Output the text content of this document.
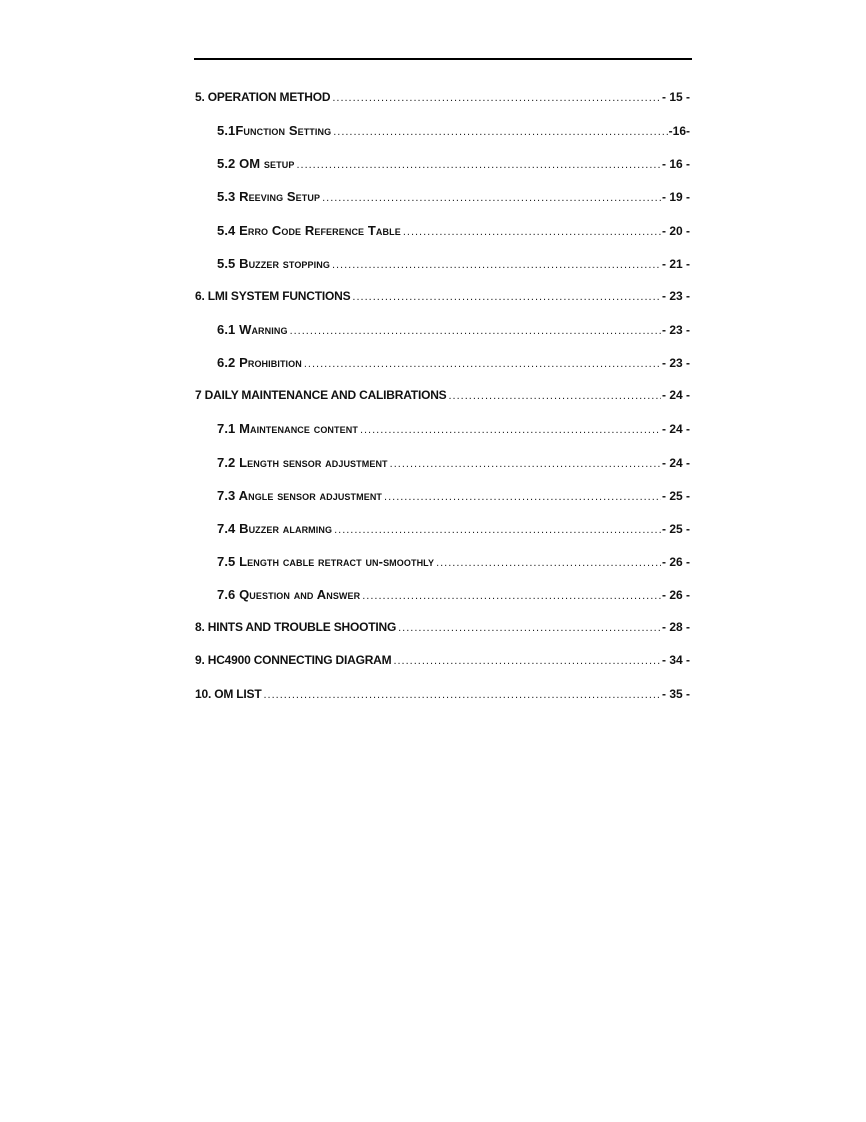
5. OPERATION METHOD .....	- 15 -
5.1Function Setting .....	-16-
5.2 OM setup .....	- 16 -
5.3 Reeving Setup .....	- 19 -
5.4 Erro Code Reference Table .....	- 20 -
5.5 Buzzer stopping .....	- 21 -
6. LMI SYSTEM FUNCTIONS .....	- 23 -
6.1 Warning .....	- 23 -
6.2 Prohibition .....	- 23 -
7 DAILY MAINTENANCE AND CALIBRATIONS .....	- 24 -
7.1 Maintenance content .....	- 24 -
7.2 Length sensor adjustment .....	- 24 -
7.3 Angle sensor adjustment .....	- 25 -
7.4 Buzzer alarming .....	- 25 -
7.5 Length cable retract un-smoothly .....	- 26 -
7.6 Question and Answer .....	- 26 -
8. HINTS AND TROUBLE SHOOTING .....	- 28 -
9. HC4900 CONNECTING DIAGRAM .....	- 34 -
10. OM LIST .....	- 35 -
